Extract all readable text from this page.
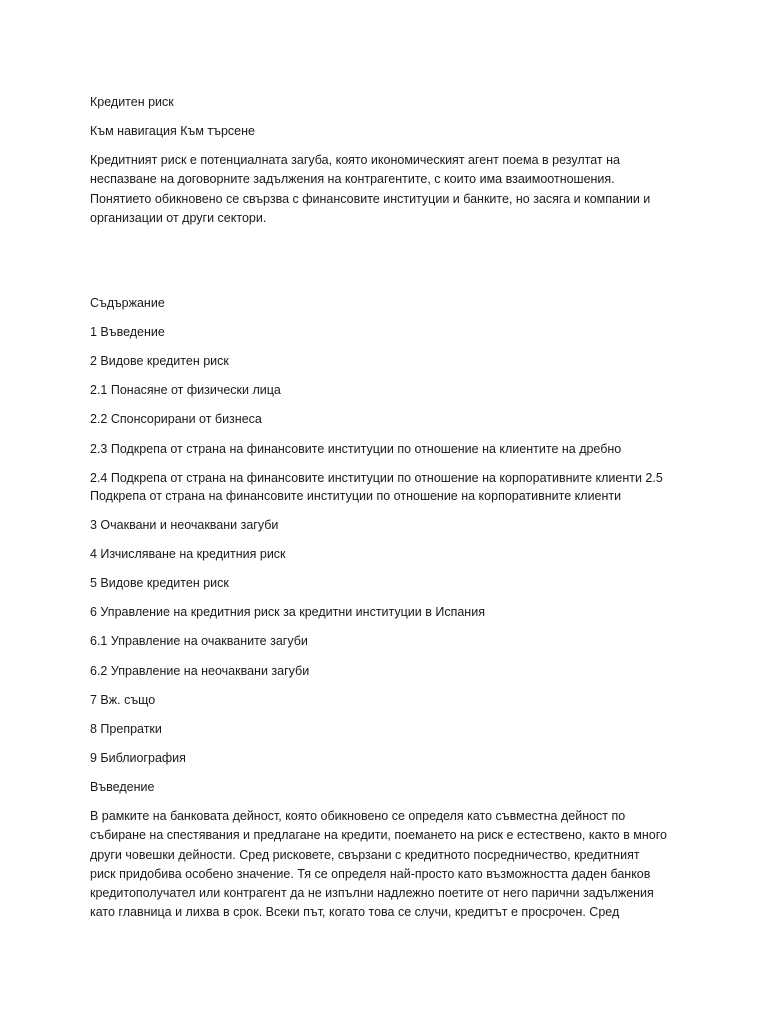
Кредитен риск
Към навигация Към търсене
Кредитният риск е потенциалната загуба, която икономическият агент поема в резултат на
неспазване на договорните задължения на контрагентите, с които има взаимоотношения.
Понятието обикновено се свързва с финансовите институции и банките, но засяга и компании и
организации от други сектори.
Съдържание
1 Въведение
2 Видове кредитен риск
2.1 Понасяне от физически лица
2.2 Спонсорирани от бизнеса
2.3 Подкрепа от страна на финансовите институции по отношение на клиентите на дребно
2.4 Подкрепа от страна на финансовите институции по отношение на корпоративните клиенти 2.5
Подкрепа от страна на финансовите институции по отношение на корпоративните клиенти
3 Очаквани и неочаквани загуби
4 Изчисляване на кредитния риск
5 Видове кредитен риск
6 Управление на кредитния риск за кредитни институции в Испания
6.1 Управление на очакваните загуби
6.2 Управление на неочаквани загуби
7 Вж. също
8 Препратки
9 Библиография
Въведение
В рамките на банковата дейност, която обикновено се определя като съвместна дейност по
събиране на спестявания и предлагане на кредити, поемането на риск е естествено, както в много
други човешки дейности. Сред рисковете, свързани с кредитното посредничество, кредитният
риск придобива особено значение. Тя се определя най-просто като възможността даден банков
кредитополучател или контрагент да не изпълни надлежно поетите от него парични задължения
като главница и лихва в срок. Всеки път, когато това се случи, кредитът е просрочен. Сред
